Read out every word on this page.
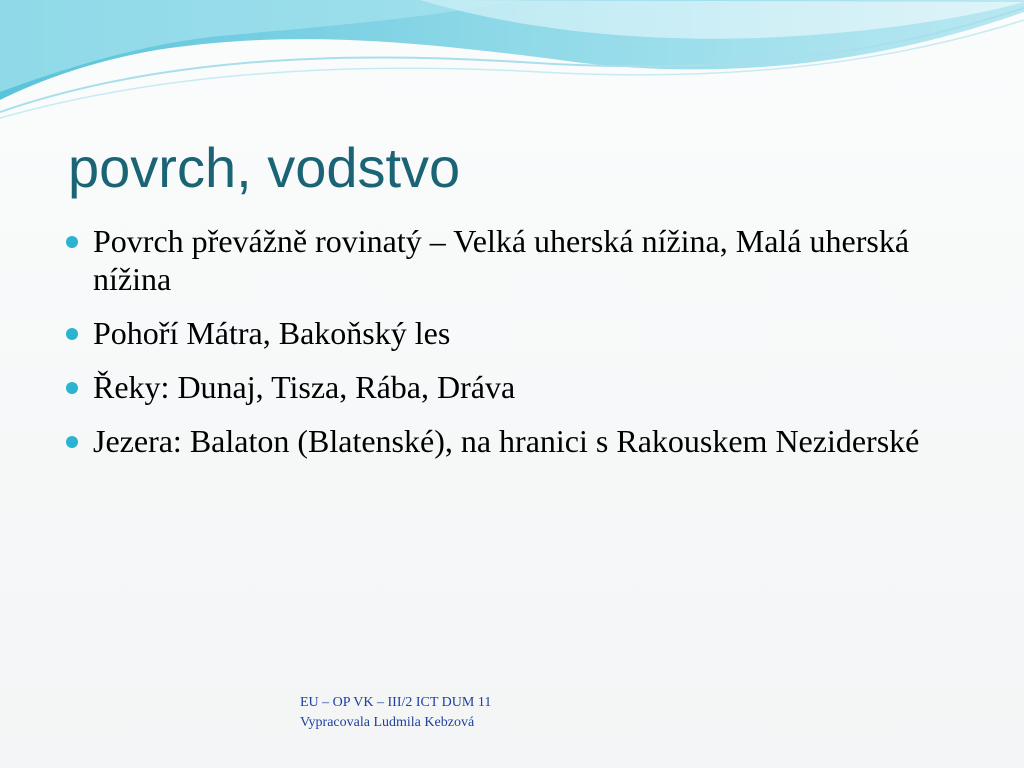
povrch, vodstvo
Povrch převážně rovinatý – Velká uherská nížina, Malá uherská nížina
Pohoří Mátra, Bakoňský les
Řeky: Dunaj, Tisza, Rába, Dráva
Jezera: Balaton (Blatenské), na hranici s Rakouskem Neziderské
EU – OP VK – III/2 ICT DUM 11
Vypracovala Ludmila Kebzová
